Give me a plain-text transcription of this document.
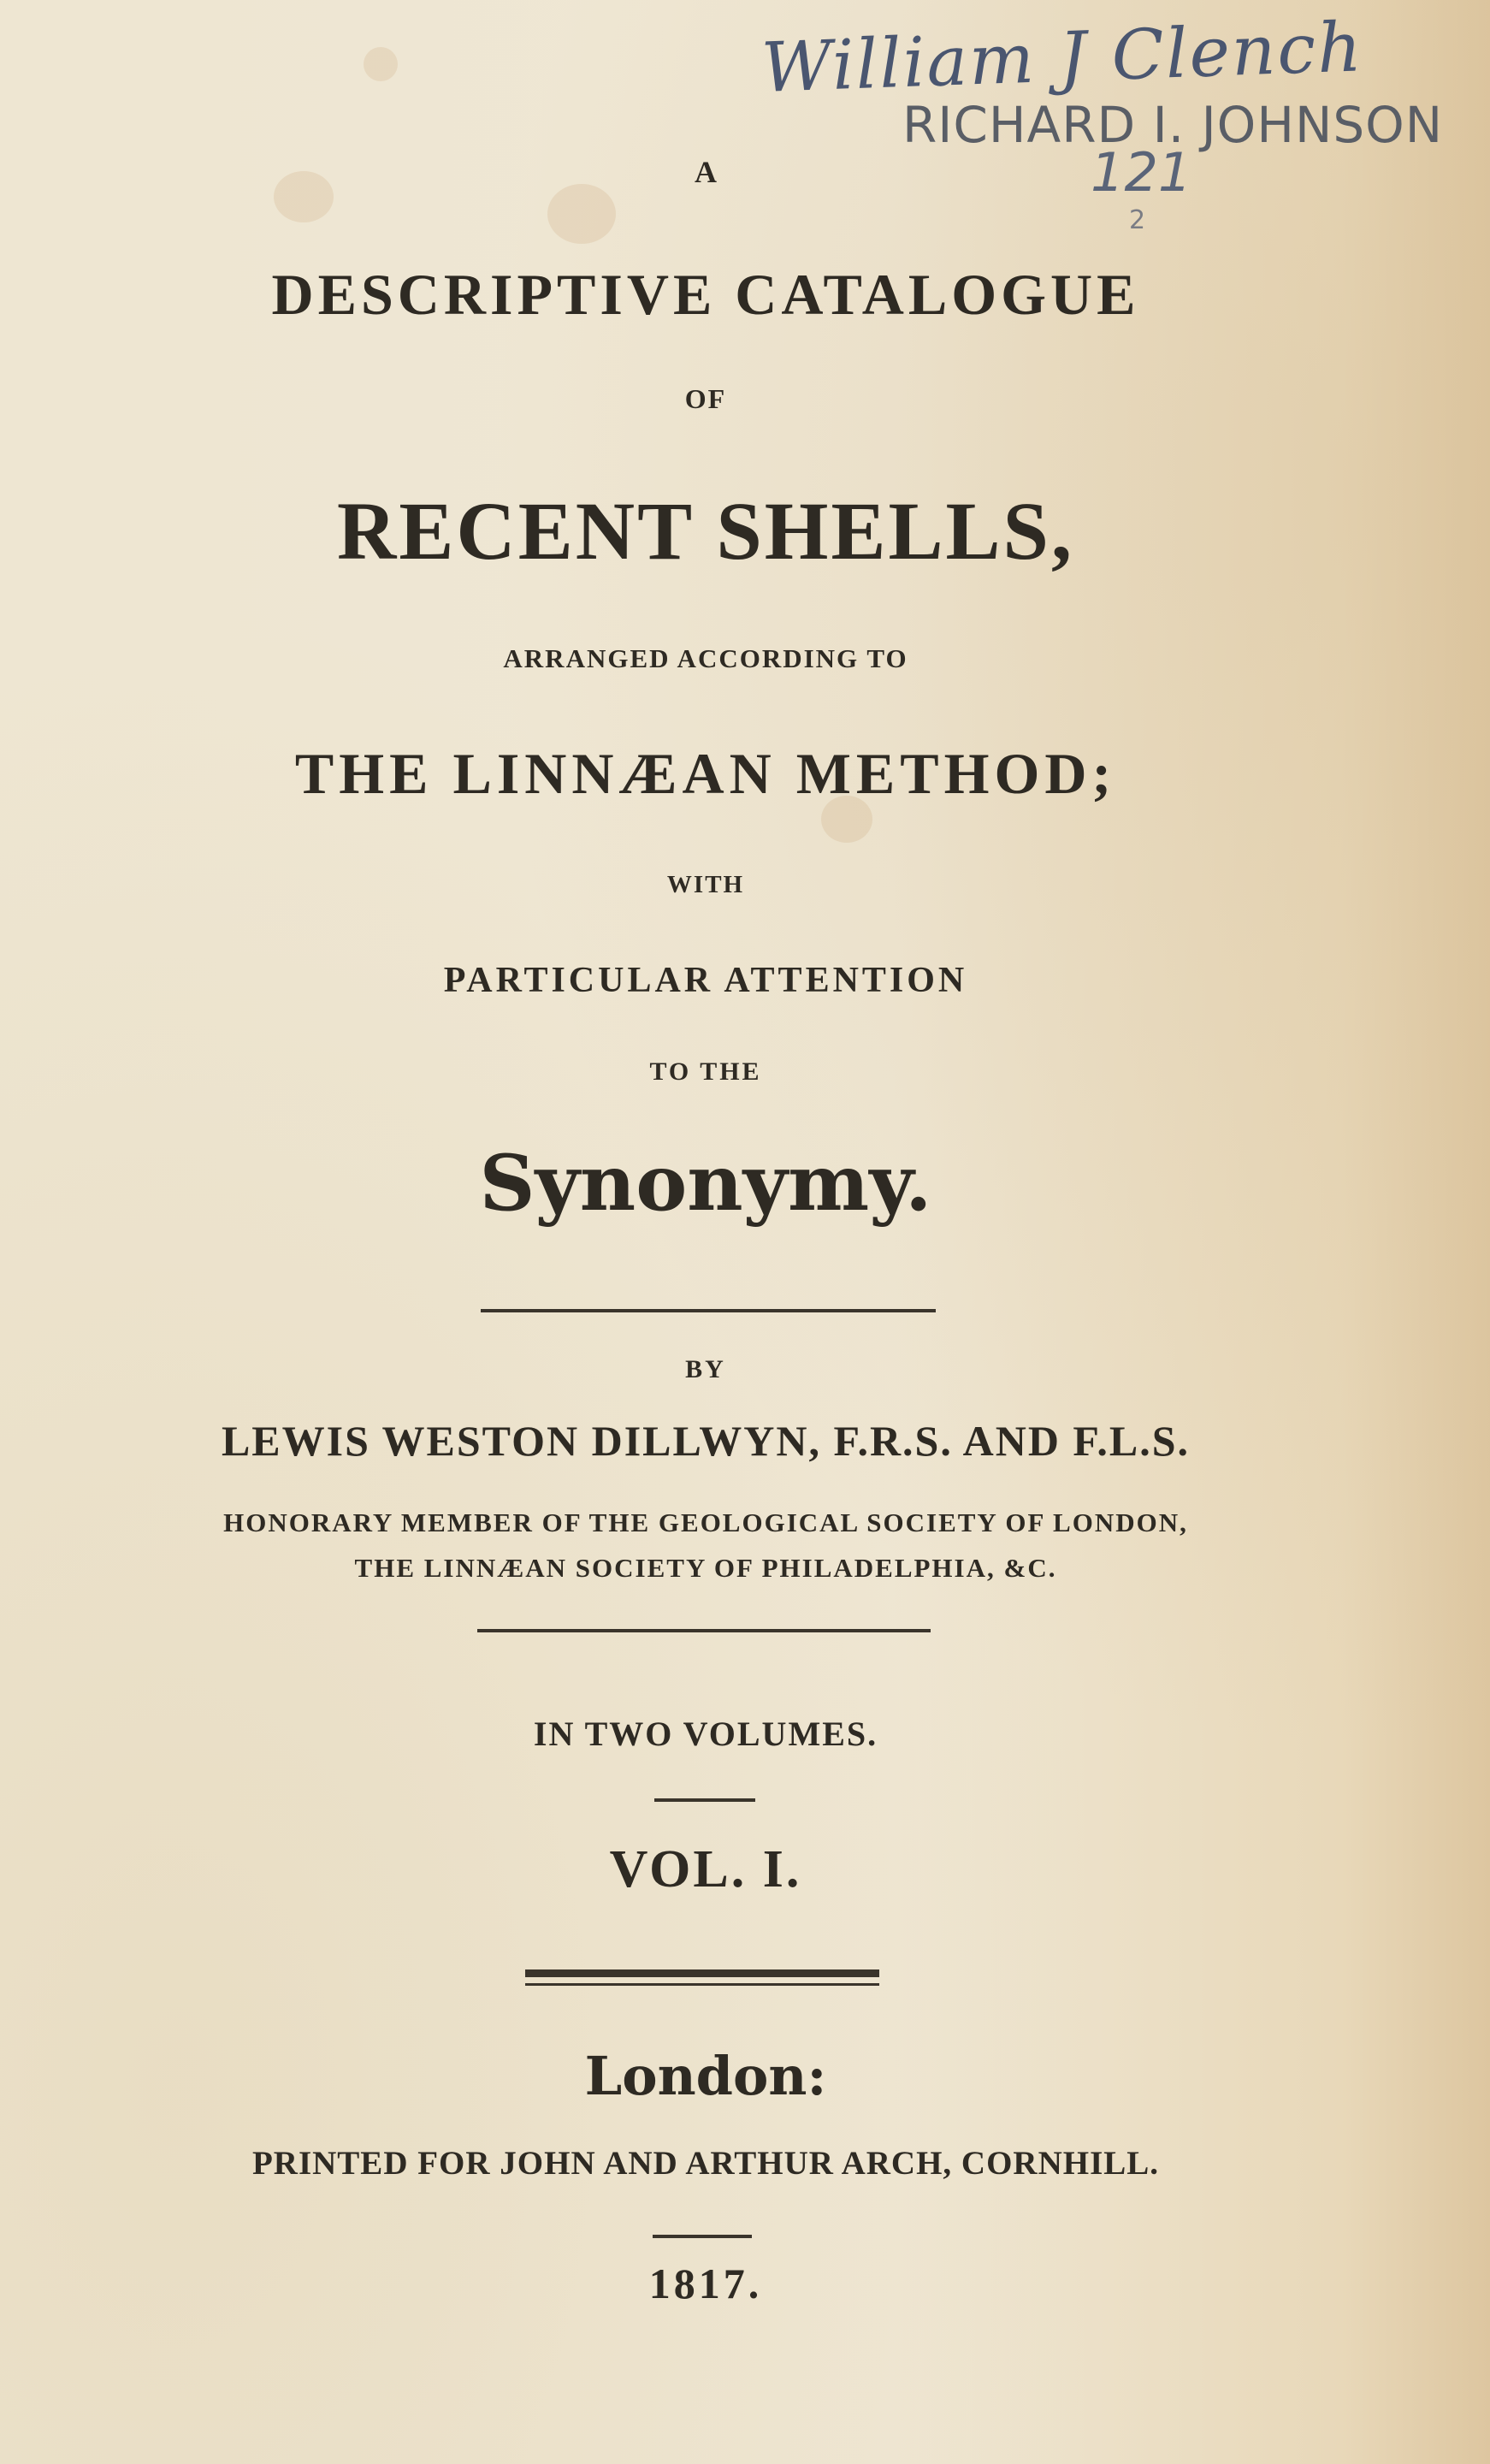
William J Clench
RICHARD I. JOHNSON
121
2
A
DESCRIPTIVE CATALOGUE
OF
RECENT SHELLS,
ARRANGED ACCORDING TO
THE LINNÆAN METHOD;
WITH
PARTICULAR ATTENTION
TO THE
Synonymy.
BY
LEWIS WESTON DILLWYN, F.R.S. AND F.L.S.
HONORARY MEMBER OF THE GEOLOGICAL SOCIETY OF LONDON,
THE LINNÆAN SOCIETY OF PHILADELPHIA, &C.
IN TWO VOLUMES.
VOL. I.
London:
PRINTED FOR JOHN AND ARTHUR ARCH, CORNHILL.
1817.
